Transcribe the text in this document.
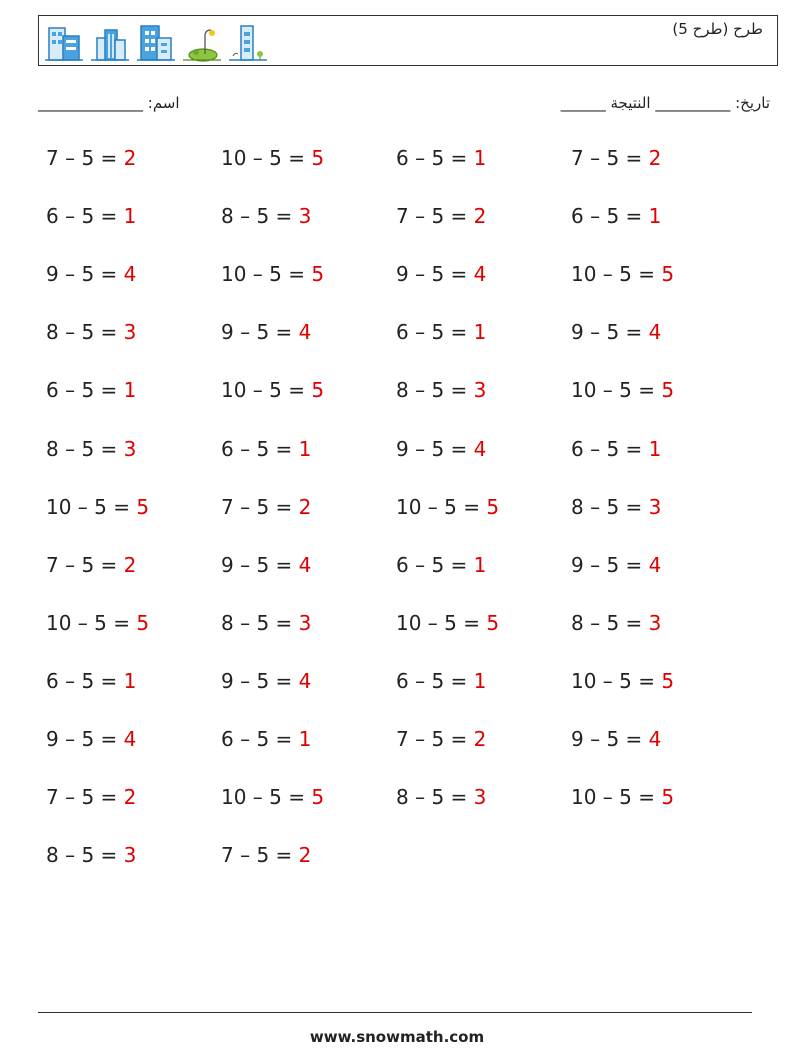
طرح (طرح 5)
اسم: ______________	تاريخ: __________ النتيجة ______
7 – 5 = 2	10 – 5 = 5	6 – 5 = 1	7 – 5 = 2
6 – 5 = 1	8 – 5 = 3	7 – 5 = 2	6 – 5 = 1
9 – 5 = 4	10 – 5 = 5	9 – 5 = 4	10 – 5 = 5
8 – 5 = 3	9 – 5 = 4	6 – 5 = 1	9 – 5 = 4
6 – 5 = 1	10 – 5 = 5	8 – 5 = 3	10 – 5 = 5
8 – 5 = 3	6 – 5 = 1	9 – 5 = 4	6 – 5 = 1
10 – 5 = 5	7 – 5 = 2	10 – 5 = 5	8 – 5 = 3
7 – 5 = 2	9 – 5 = 4	6 – 5 = 1	9 – 5 = 4
10 – 5 = 5	8 – 5 = 3	10 – 5 = 5	8 – 5 = 3
6 – 5 = 1	9 – 5 = 4	6 – 5 = 1	10 – 5 = 5
9 – 5 = 4	6 – 5 = 1	7 – 5 = 2	9 – 5 = 4
7 – 5 = 2	10 – 5 = 5	8 – 5 = 3	10 – 5 = 5
8 – 5 = 3	7 – 5 = 2
www.snowmath.com
